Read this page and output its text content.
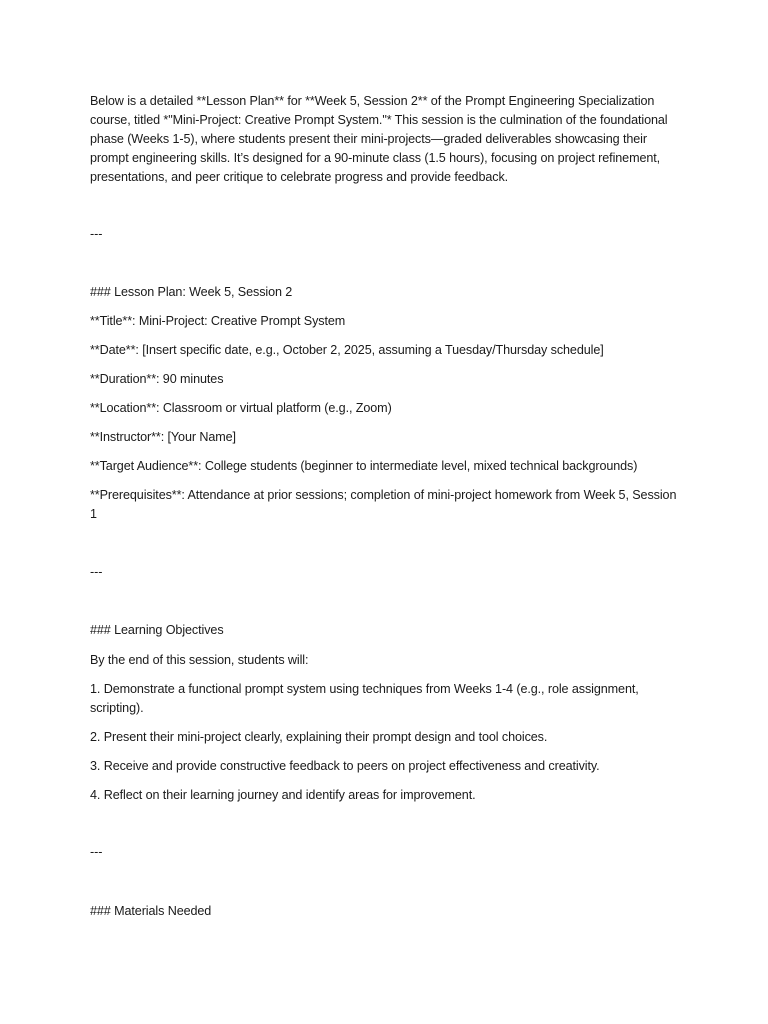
Below is a detailed **Lesson Plan** for **Week 5, Session 2** of the Prompt Engineering Specialization course, titled *"Mini-Project: Creative Prompt System."* This session is the culmination of the foundational phase (Weeks 1-5), where students present their mini-projects—graded deliverables showcasing their prompt engineering skills. It’s designed for a 90-minute class (1.5 hours), focusing on project refinement, presentations, and peer critique to celebrate progress and provide feedback.

---

### Lesson Plan: Week 5, Session 2

**Title**: Mini-Project: Creative Prompt System

**Date**: [Insert specific date, e.g., October 2, 2025, assuming a Tuesday/Thursday schedule]

**Duration**: 90 minutes

**Location**: Classroom or virtual platform (e.g., Zoom)

**Instructor**: [Your Name]

**Target Audience**: College students (beginner to intermediate level, mixed technical backgrounds)

**Prerequisites**: Attendance at prior sessions; completion of mini-project homework from Week 5, Session 1

---

### Learning Objectives

By the end of this session, students will:

1. Demonstrate a functional prompt system using techniques from Weeks 1-4 (e.g., role assignment, scripting).

2. Present their mini-project clearly, explaining their prompt design and tool choices.

3. Receive and provide constructive feedback to peers on project effectiveness and creativity.

4. Reflect on their learning journey and identify areas for improvement.

---

### Materials Needed
